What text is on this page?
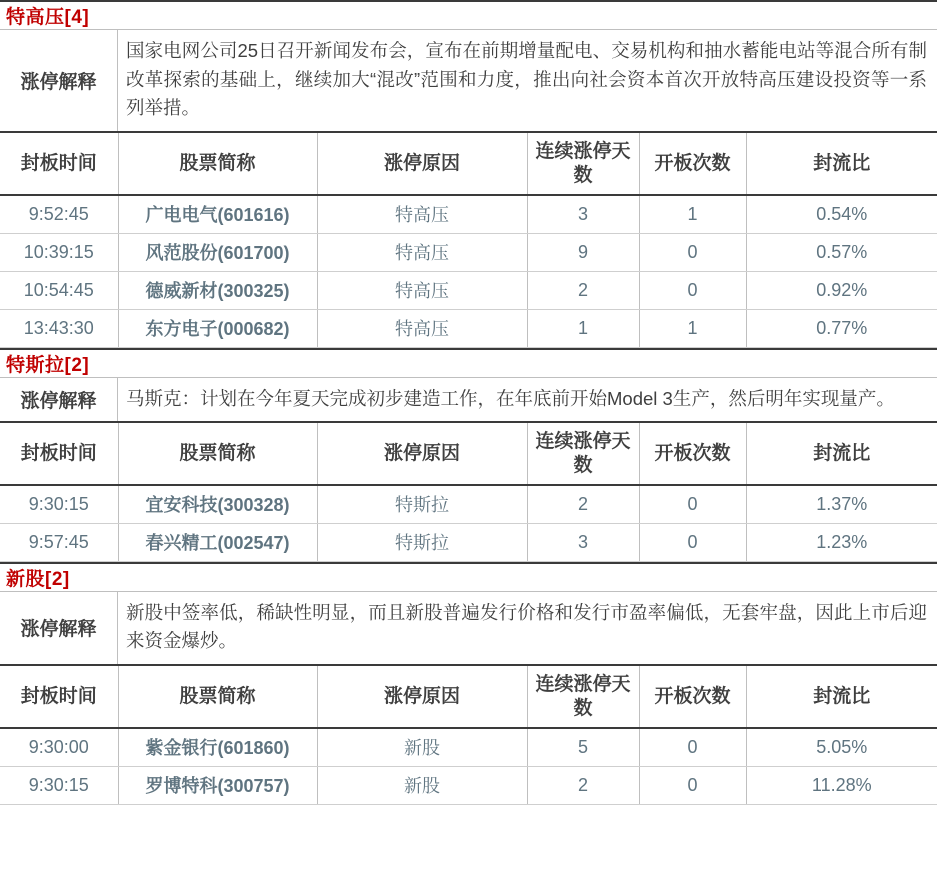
特高压[4]
涨停解释
国家电网公司25日召开新闻发布会，宣布在前期增量配电、交易机构和抽水蓄能电站等混合所有制改革探索的基础上，继续加大“混改”范围和力度，推出向社会资本首次开放特高压建设投资等一系列举措。
封板时间	股票简称	涨停原因	连续涨停天数	开板次数	封流比
9:52:45	广电电气(601616)	特高压	3	1	0.54%
10:39:15	风范股份(601700)	特高压	9	0	0.57%
10:54:45	德威新材(300325)	特高压	2	0	0.92%
13:43:30	东方电子(000682)	特高压	1	1	0.77%
特斯拉[2]
涨停解释	马斯克：计划在今年夏天完成初步建造工作，在年底前开始Model 3生产，然后明年实现量产。
封板时间	股票简称	涨停原因	连续涨停天数	开板次数	封流比
9:30:15	宜安科技(300328)	特斯拉	2	0	1.37%
9:57:45	春兴精工(002547)	特斯拉	3	0	1.23%
新股[2]
涨停解释
新股中签率低，稀缺性明显，而且新股普遍发行价格和发行市盈率偏低，无套牢盘，因此上市后迎来资金爆炒。
封板时间	股票简称	涨停原因	连续涨停天数	开板次数	封流比
9:30:00	紫金银行(601860)	新股	5	0	5.05%
9:30:15	罗博特科(300757)	新股	2	0	11.28%
